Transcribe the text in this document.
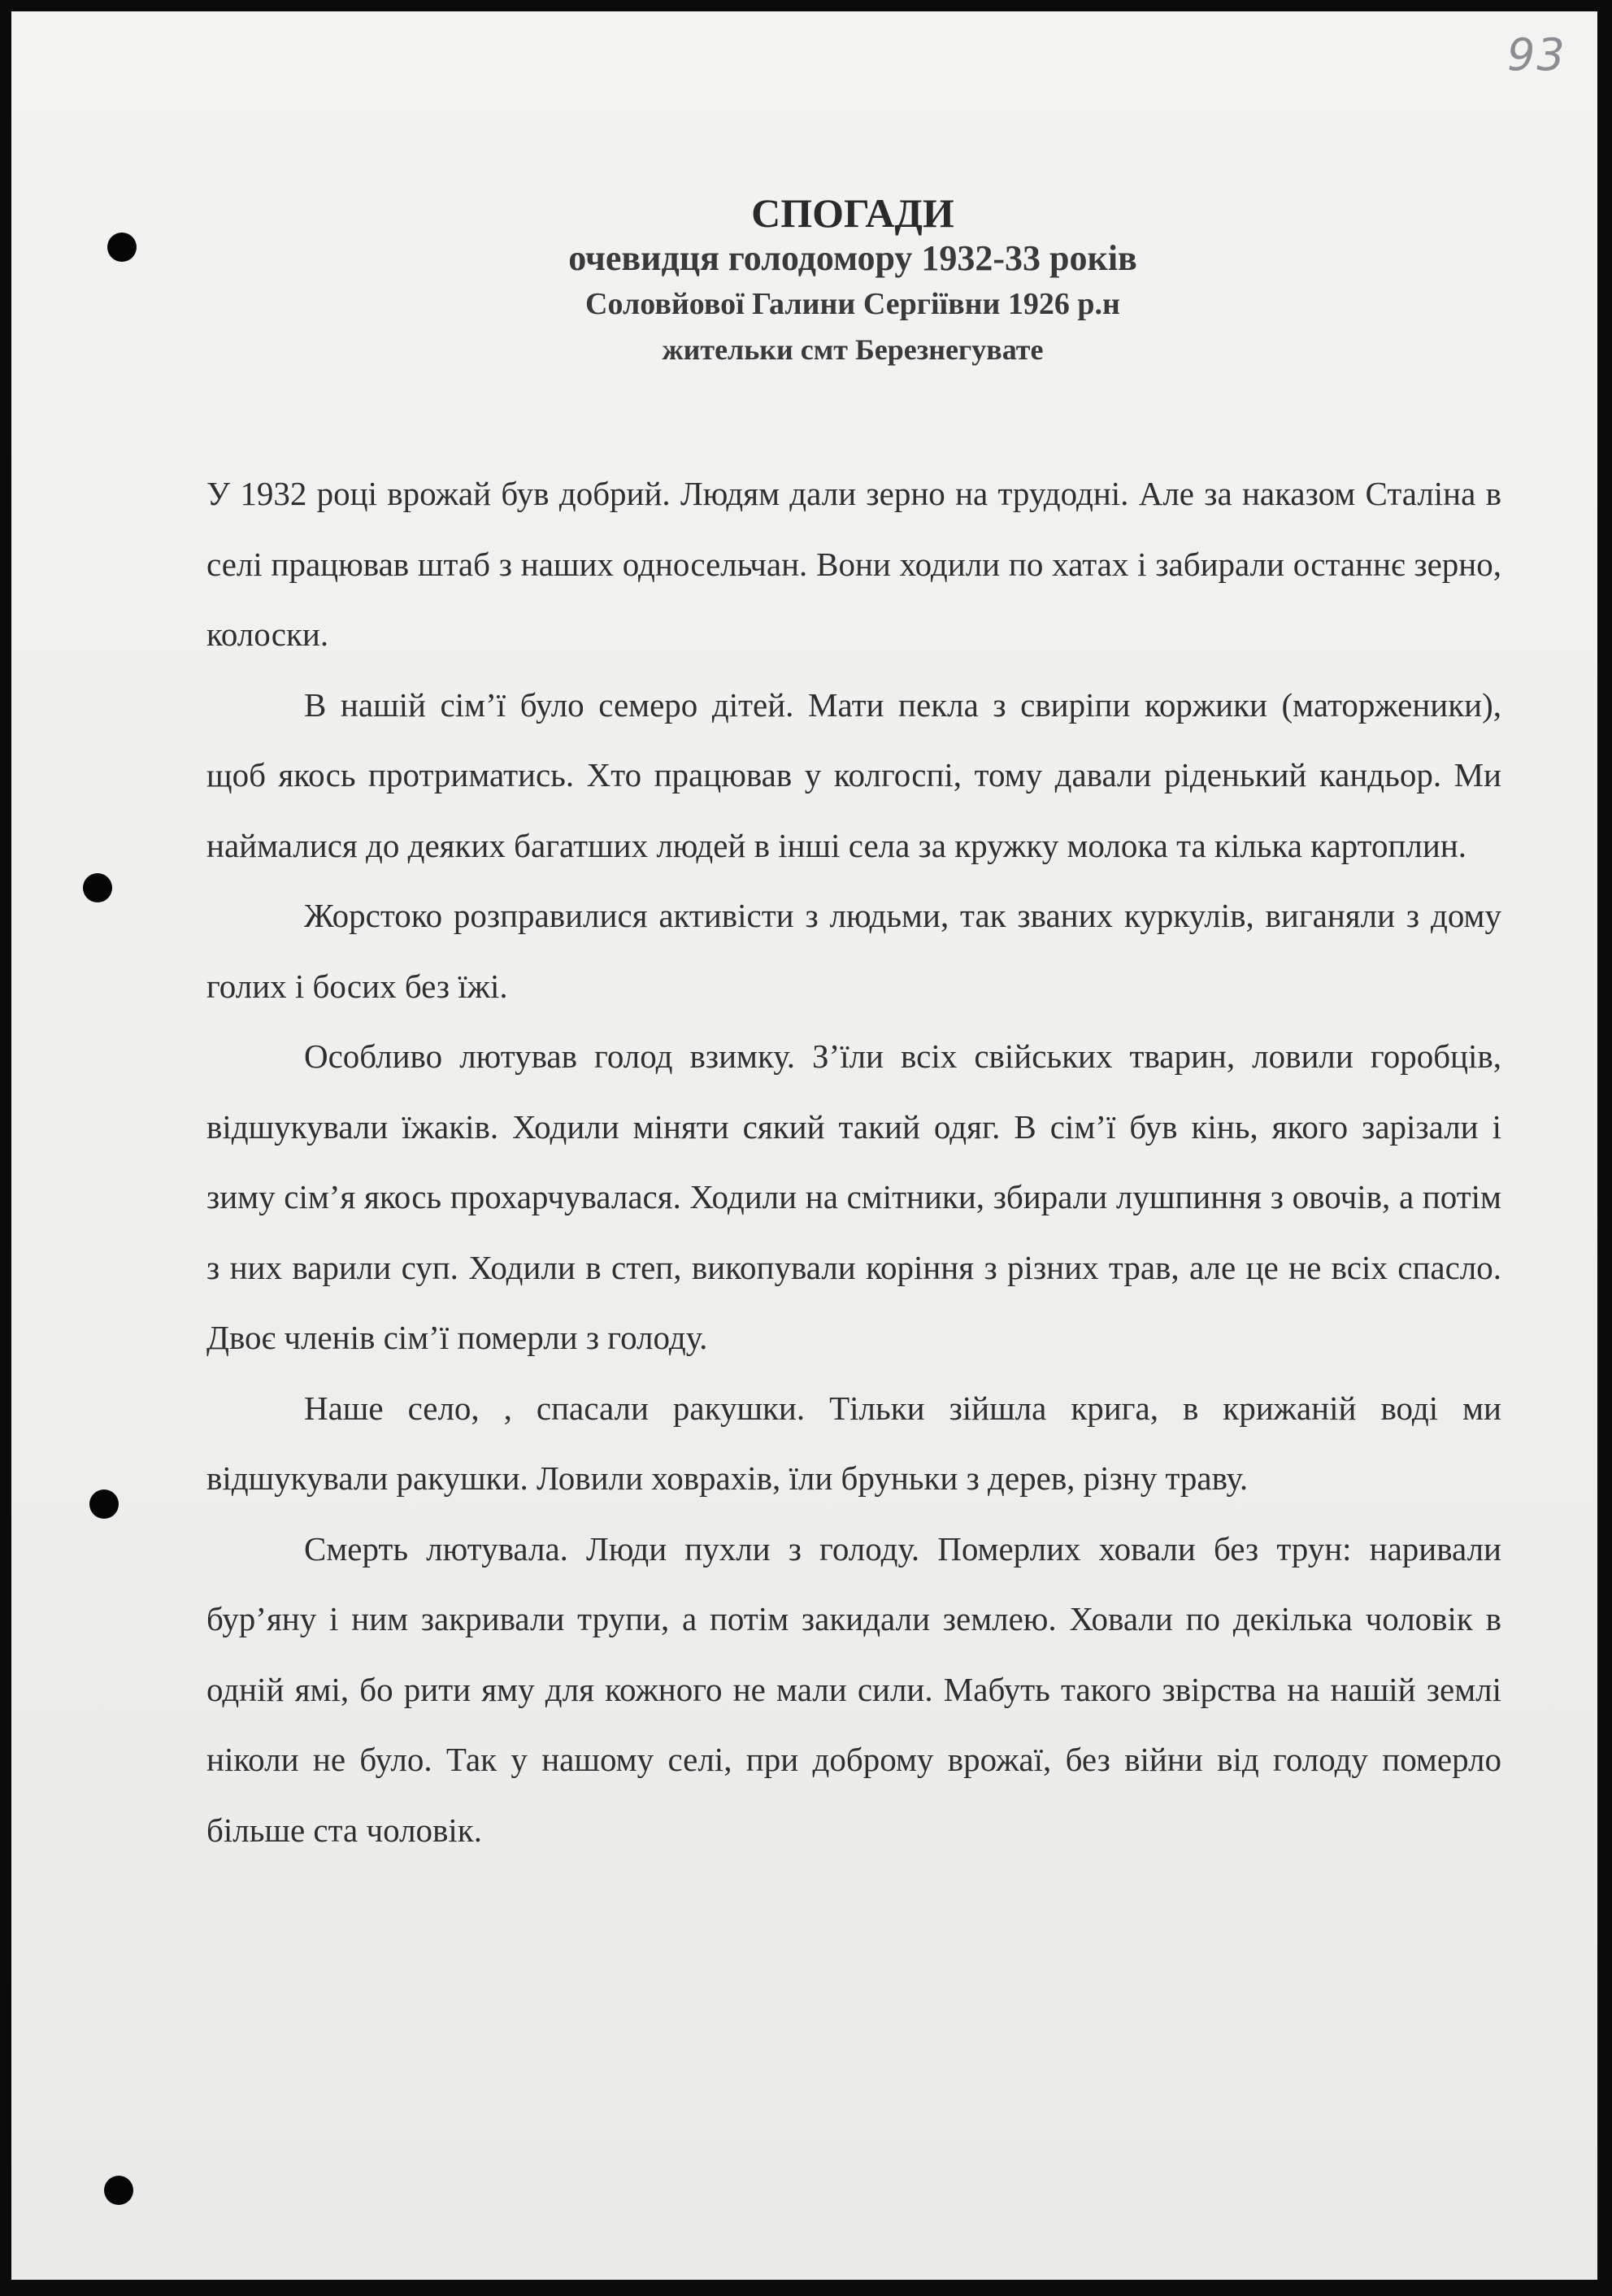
93
СПОГАДИ
очевидця голодомору 1932-33 років
Соловйової Галини Сергіївни 1926 р.н
жительки смт Березнегувате

У 1932 році врожай був добрий. Людям дали зерно на трудодні. Але за наказом Сталіна в селі працював штаб з наших односельчан. Вони ходили по хатах і забирали останнє зерно, колоски.

В нашій сім’ї було семеро дітей. Мати пекла з свиріпи коржики (маторженики), щоб якось протриматись. Хто працював у колгоспі, тому давали ріденький кандьор. Ми наймалися до деяких багатших людей в інші села за кружку молока та кілька картоплин.

Жорстоко розправилися активісти з людьми, так званих куркулів, виганяли з дому голих і босих без їжі.

Особливо лютував голод взимку. З’їли всіх свійських тварин, ловили горобців, відшукували їжаків. Ходили міняти сякий такий одяг. В сім’ї був кінь, якого зарізали і зиму сім’я якось прохарчувалася. Ходили на смітники, збирали лушпиння з овочів, а потім з них варили суп. Ходили в степ, викопували коріння з різних трав, але це не всіх спасло. Двоє членів сім’ї померли з голоду.

Наше село, , спасали ракушки. Тільки зійшла крига, в крижаній воді ми відшукували ракушки. Ловили ховрахів, їли бруньки з дерев, різну траву.

Смерть лютувала. Люди пухли з голоду. Померлих ховали без трун: наривали бур’яну і ним закривали трупи, а потім закидали землею. Ховали по декілька чоловік в одній ямі, бо рити яму для кожного не мали сили. Мабуть такого звірства на нашій землі ніколи не було. Так у нашому селі, при доброму врожаї, без війни від голоду померло більше ста чоловік.
